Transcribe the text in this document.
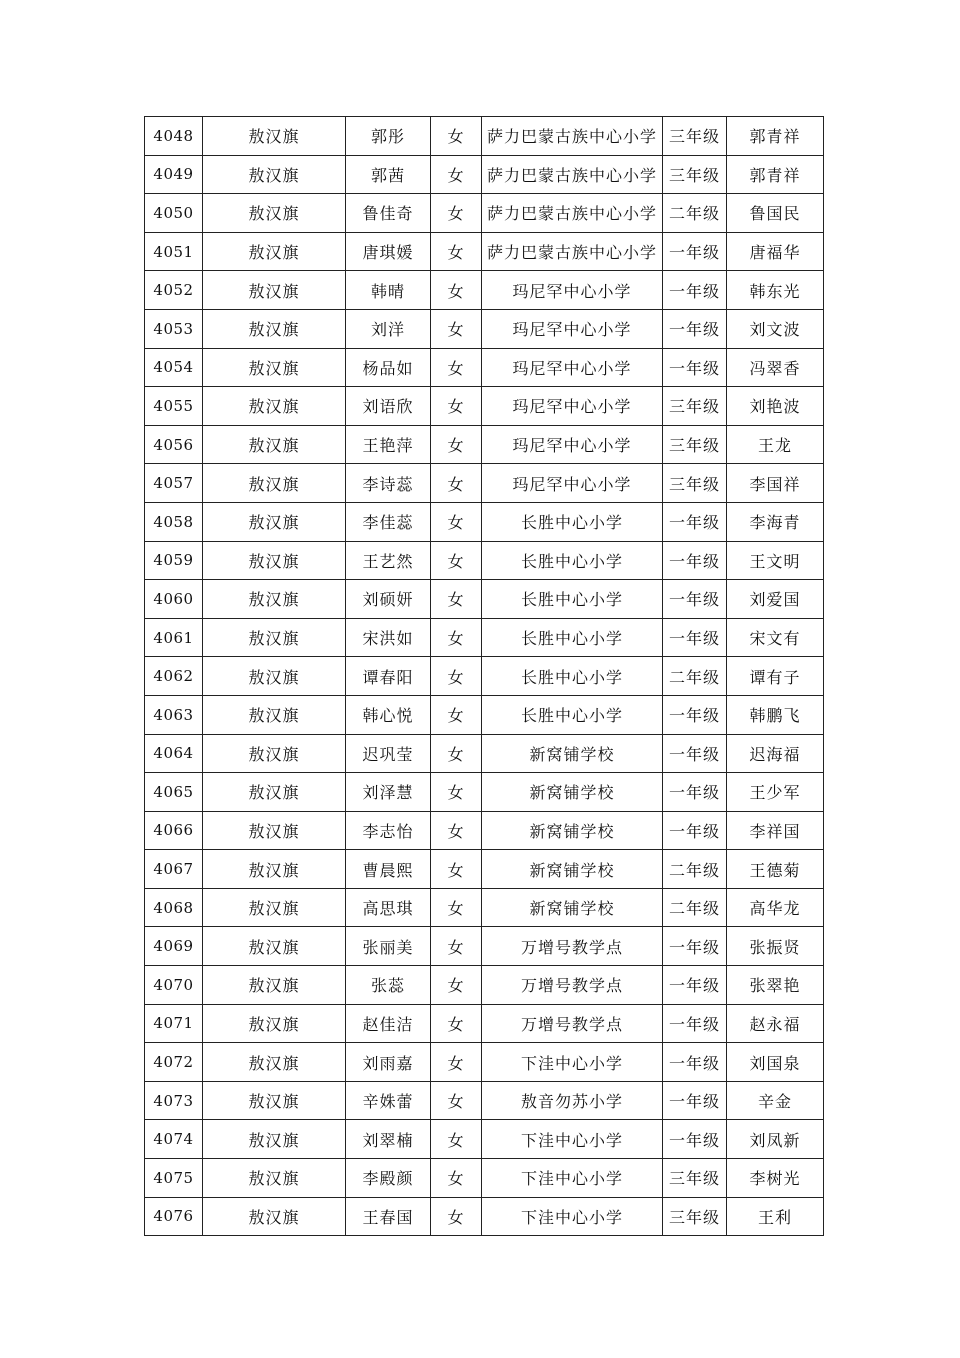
4048	敖汉旗	郭彤	女	萨力巴蒙古族中心小学	三年级	郭青祥
4049	敖汉旗	郭茜	女	萨力巴蒙古族中心小学	三年级	郭青祥
4050	敖汉旗	鲁佳奇	女	萨力巴蒙古族中心小学	二年级	鲁国民
4051	敖汉旗	唐琪媛	女	萨力巴蒙古族中心小学	一年级	唐福华
4052	敖汉旗	韩晴	女	玛尼罕中心小学	一年级	韩东光
4053	敖汉旗	刘洋	女	玛尼罕中心小学	一年级	刘文波
4054	敖汉旗	杨品如	女	玛尼罕中心小学	一年级	冯翠香
4055	敖汉旗	刘语欣	女	玛尼罕中心小学	三年级	刘艳波
4056	敖汉旗	王艳萍	女	玛尼罕中心小学	三年级	王龙
4057	敖汉旗	李诗蕊	女	玛尼罕中心小学	三年级	李国祥
4058	敖汉旗	李佳蕊	女	长胜中心小学	一年级	李海青
4059	敖汉旗	王艺然	女	长胜中心小学	一年级	王文明
4060	敖汉旗	刘硕妍	女	长胜中心小学	一年级	刘爱国
4061	敖汉旗	宋洪如	女	长胜中心小学	一年级	宋文有
4062	敖汉旗	谭春阳	女	长胜中心小学	二年级	谭有子
4063	敖汉旗	韩心悦	女	长胜中心小学	一年级	韩鹏飞
4064	敖汉旗	迟巩莹	女	新窝铺学校	一年级	迟海福
4065	敖汉旗	刘泽慧	女	新窝铺学校	一年级	王少军
4066	敖汉旗	李志怡	女	新窝铺学校	一年级	李祥国
4067	敖汉旗	曹晨熙	女	新窝铺学校	二年级	王德菊
4068	敖汉旗	高思琪	女	新窝铺学校	二年级	高华龙
4069	敖汉旗	张丽美	女	万增号教学点	一年级	张振贤
4070	敖汉旗	张蕊	女	万增号教学点	一年级	张翠艳
4071	敖汉旗	赵佳洁	女	万增号教学点	一年级	赵永福
4072	敖汉旗	刘雨嘉	女	下洼中心小学	一年级	刘国泉
4073	敖汉旗	辛姝蕾	女	敖音勿苏小学	一年级	辛金
4074	敖汉旗	刘翠楠	女	下洼中心小学	一年级	刘凤新
4075	敖汉旗	李殿颜	女	下洼中心小学	三年级	李树光
4076	敖汉旗	王春国	女	下洼中心小学	三年级	王利
